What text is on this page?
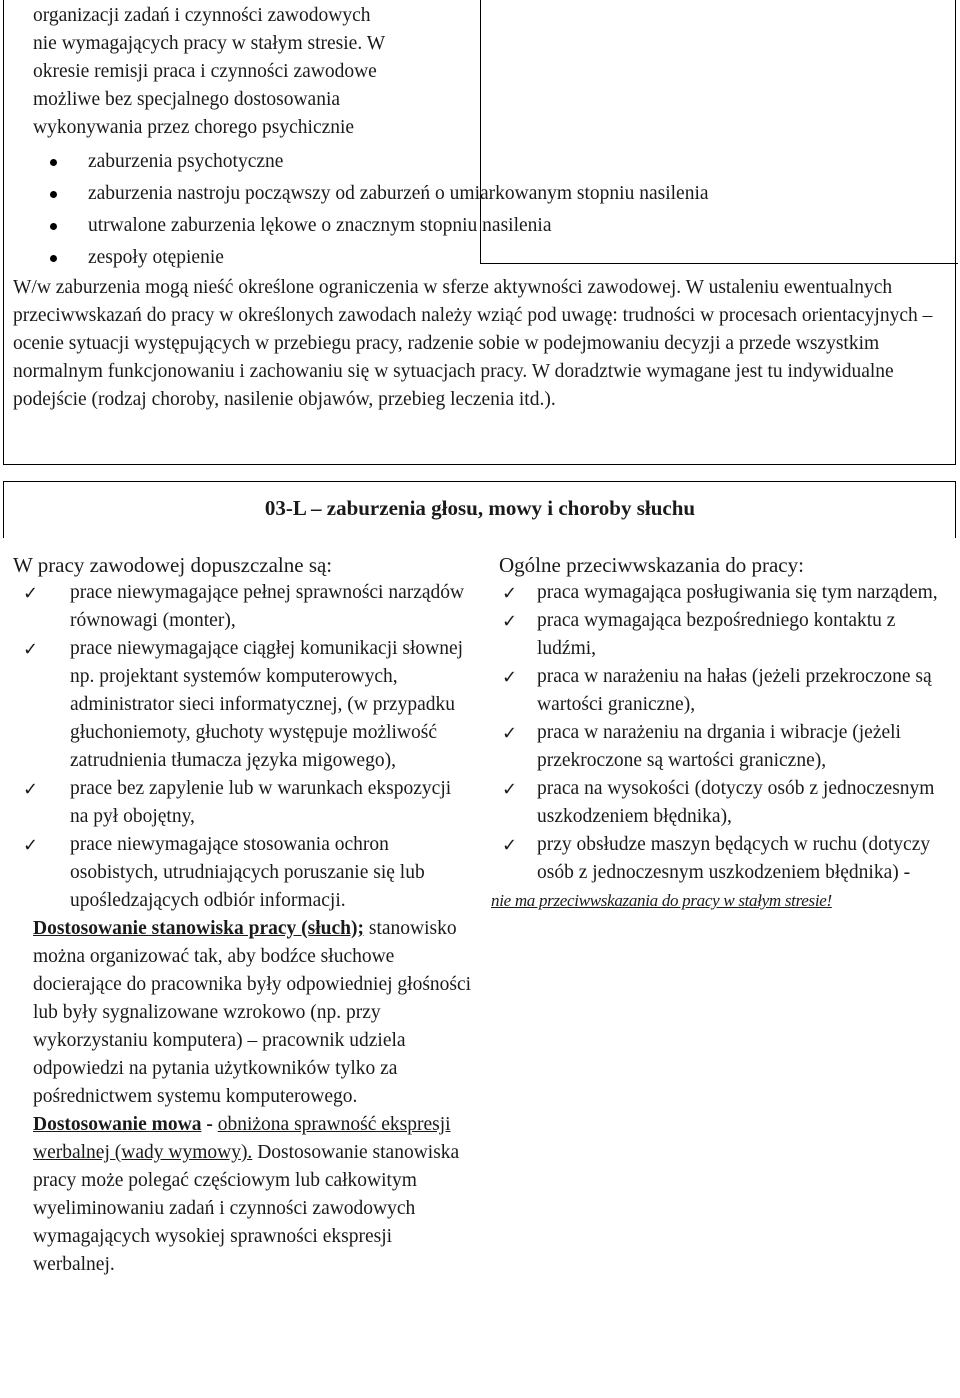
organizacji zadań i czynności zawodowych

nie wymagających pracy w stałym stresie. W

okresie remisji praca i czynności zawodowe

możliwe bez specjalnego dostosowania

wykonywania przez chorego psychicznie

zaburzenia psychotyczne
zaburzenia nastroju począwszy od zaburzeń o umiarkowanym stopniu nasilenia
utrwalone zaburzenia lękowe o znacznym stopniu nasilenia
zespoły otępienie

W/w zaburzenia mogą nieść określone ograniczenia w sferze aktywności zawodowej. W ustaleniu ewentualnych przeciwwskazań do pracy w określonych zawodach należy wziąć pod uwagę: trudności w procesach orientacyjnych – ocenie sytuacji występujących w przebiegu pracy, radzenie sobie w podejmowaniu decyzji a przede wszystkim normalnym funkcjonowaniu i zachowaniu się w sytuacjach pracy. W doradztwie wymagane jest tu indywidualne podejście (rodzaj choroby, nasilenie objawów, przebieg leczenia itd.).

03-L – zaburzenia głosu, mowy i choroby słuchu

W pracy zawodowej dopuszczalne są:

✓ prace niewymagające pełnej sprawności narządów równowagi (monter),
✓ prace niewymagające ciągłej komunikacji słownej np. projektant systemów komputerowych, administrator sieci informatycznej, (w przypadku głuchoniemoty, głuchoty występuje możliwość zatrudnienia tłumacza języka migowego),
✓ prace bez zapylenie lub w warunkach ekspozycji na pył obojętny,
✓ prace niewymagające stosowania ochron osobistych, utrudniających poruszanie się lub upośledzających odbiór informacji.

Dostosowanie stanowiska pracy (słuch); stanowisko można organizować tak, aby bodźce słuchowe docierające do pracownika były odpowiedniej głośności lub były sygnalizowane wzrokowo (np. przy wykorzystaniu komputera) – pracownik udziela odpowiedzi na pytania użytkowników tylko za pośrednictwem systemu komputerowego. Dostosowanie mowa - obniżona sprawność ekspresji werbalnej (wady wymowy). Dostosowanie stanowiska pracy może polegać częściowym lub całkowitym wyeliminowaniu zadań i czynności zawodowych wymagających wysokiej sprawności ekspresji werbalnej.

Ogólne przeciwwskazania do pracy:

✓ praca wymagająca posługiwania się tym narządem,
✓ praca wymagająca bezpośredniego kontaktu z ludźmi,
✓ praca w narażeniu na hałas (jeżeli przekroczone są wartości graniczne),
✓ praca w narażeniu na drgania i wibracje (jeżeli przekroczone są wartości graniczne),
✓ praca na wysokości (dotyczy osób z jednoczesnym uszkodzeniem błędnika),
✓ przy obsłudze maszyn będących w ruchu (dotyczy osób z jednoczesnym uszkodzeniem błędnika) -
nie ma przeciwwskazania do pracy w stałym stresie!
